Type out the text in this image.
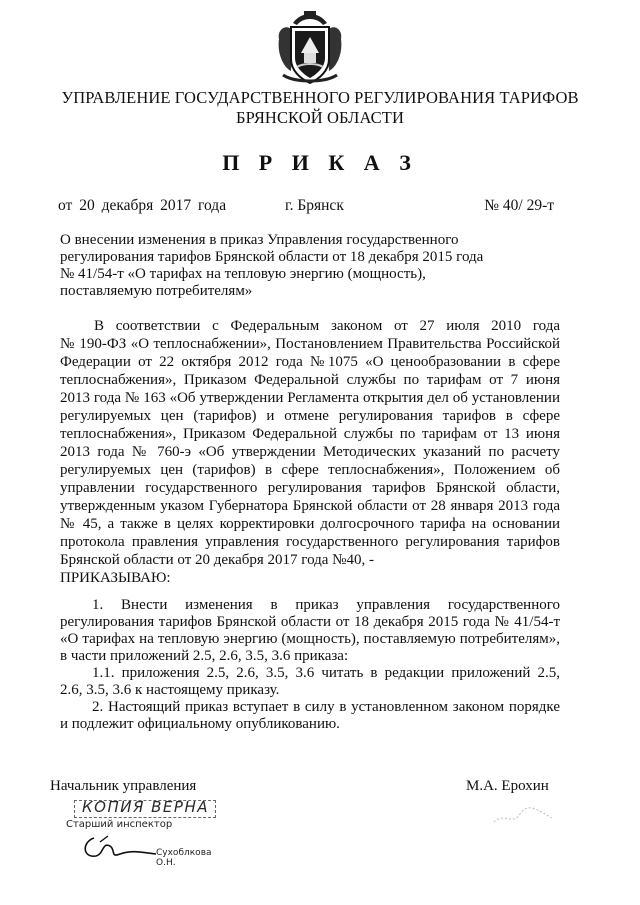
УПРАВЛЕНИЕ ГОСУДАРСТВЕННОГО РЕГУЛИРОВАНИЯ ТАРИФОВ
БРЯНСКОЙ ОБЛАСТИ
П Р И К А З
от 20 декабря 2017 года	г. Брянск	№ 40/ 29-т
О внесении изменения в приказ Управления государственного
регулирования тарифов Брянской области от 18 декабря 2015 года
№ 41/54-т «О тарифах на тепловую энергию (мощность),
поставляемую потребителям»
В соответствии с Федеральным законом от 27 июля 2010 года
№ 190-ФЗ «О теплоснабжении», Постановлением Правительства Российской
Федерации от 22 октября 2012 года №1075 «О ценообразовании в сфере
теплоснабжения», Приказом Федеральной службы по тарифам от 7 июня
2013 года № 163 «Об утверждении Регламента открытия дел об установлении
регулируемых цен (тарифов) и отмене регулирования тарифов в сфере
теплоснабжения», Приказом Федеральной службы по тарифам от 13 июня
2013 года № 760-э «Об утверждении Методических указаний по расчету
регулируемых цен (тарифов) в сфере теплоснабжения», Положением об
управлении государственного регулирования тарифов Брянской области,
утвержденным указом Губернатора Брянской области от 28 января 2013 года
№ 45, а также в целях корректировки долгосрочного тарифа на основании
протокола правления управления государственного регулирования тарифов
Брянской области от 20 декабря 2017 года №40, -
ПРИКАЗЫВАЮ:
1. Внести изменения в приказ управления государственного
регулирования тарифов Брянской области от 18 декабря 2015 года № 41/54-т
«О тарифах на тепловую энергию (мощность), поставляемую потребителям»,
в части приложений 2.5, 2.6, 3.5, 3.6 приказа:
1.1. приложения 2.5, 2.6, 3.5, 3.6 читать в редакции приложений 2.5,
2.6, 3.5, 3.6 к настоящему приказу.
2. Настоящий приказ вступает в силу в установленном законом порядке
и подлежит официальному опубликованию.
Начальник управления	М.А. Ерохин
КОПИЯ ВЕРНА
Старший инспектор
Сухоблкова О.Н.
